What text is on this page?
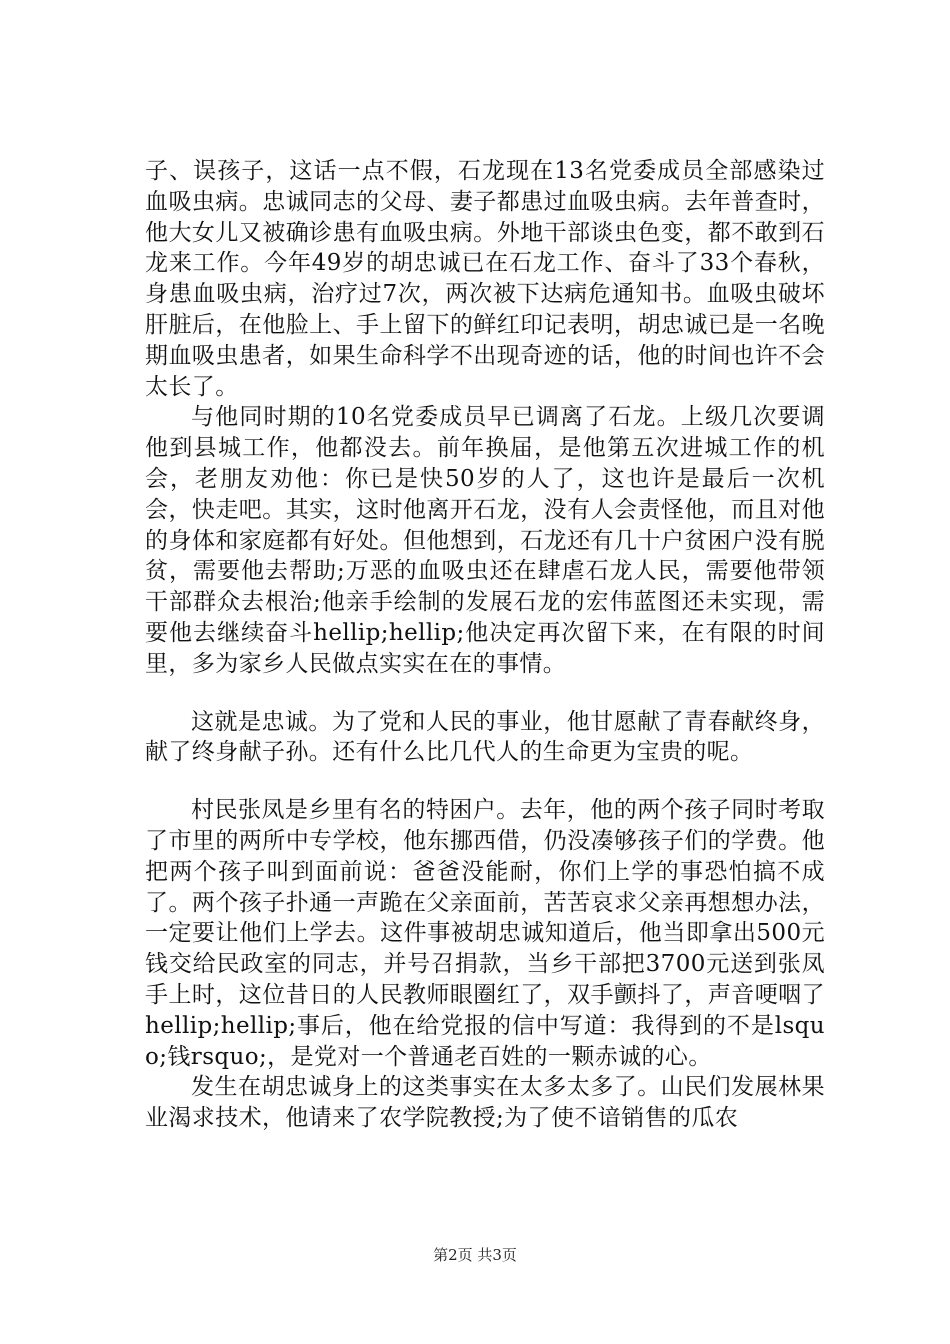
子、误孩子，这话一点不假，石龙现在13名党委成员全部感染过血吸虫病。忠诚同志的父母、妻子都患过血吸虫病。去年普查时，他大女儿又被确诊患有血吸虫病。外地干部谈虫色变，都不敢到石龙来工作。今年49岁的胡忠诚已在石龙工作、奋斗了33个春秋，身患血吸虫病，治疗过7次，两次被下达病危通知书。血吸虫破坏肝脏后，在他脸上、手上留下的鲜红印记表明，胡忠诚已是一名晚期血吸虫患者，如果生命科学不出现奇迹的话，他的时间也许不会太长了。

与他同时期的10名党委成员早已调离了石龙。上级几次要调他到县城工作，他都没去。前年换届，是他第五次进城工作的机会，老朋友劝他：你已是快50岁的人了，这也许是最后一次机会，快走吧。其实，这时他离开石龙，没有人会责怪他，而且对他的身体和家庭都有好处。但他想到，石龙还有几十户贫困户没有脱贫，需要他去帮助;万恶的血吸虫还在肆虐石龙人民，需要他带领干部群众去根治;他亲手绘制的发展石龙的宏伟蓝图还未实现，需要他去继续奋斗hellip;hellip;他决定再次留下来，在有限的时间里，多为家乡人民做点实实在在的事情。

这就是忠诚。为了党和人民的事业，他甘愿献了青春献终身，献了终身献子孙。还有什么比几代人的生命更为宝贵的呢。

村民张凤是乡里有名的特困户。去年，他的两个孩子同时考取了市里的两所中专学校，他东挪西借，仍没凑够孩子们的学费。他把两个孩子叫到面前说：爸爸没能耐，你们上学的事恐怕搞不成了。两个孩子扑通一声跪在父亲面前，苦苦哀求父亲再想想办法，一定要让他们上学去。这件事被胡忠诚知道后，他当即拿出500元钱交给民政室的同志，并号召捐款，当乡干部把3700元送到张凤手上时，这位昔日的人民教师眼圈红了，双手颤抖了，声音哽咽了hellip;hellip;事后，他在给党报的信中写道：我得到的不是lsquo;钱rsquo;，是党对一个普通老百姓的一颗赤诚的心。

发生在胡忠诚身上的这类事实在太多太多了。山民们发展林果业渴求技术，他请来了农学院教授;为了使不谙销售的瓜农

第2页 共3页
